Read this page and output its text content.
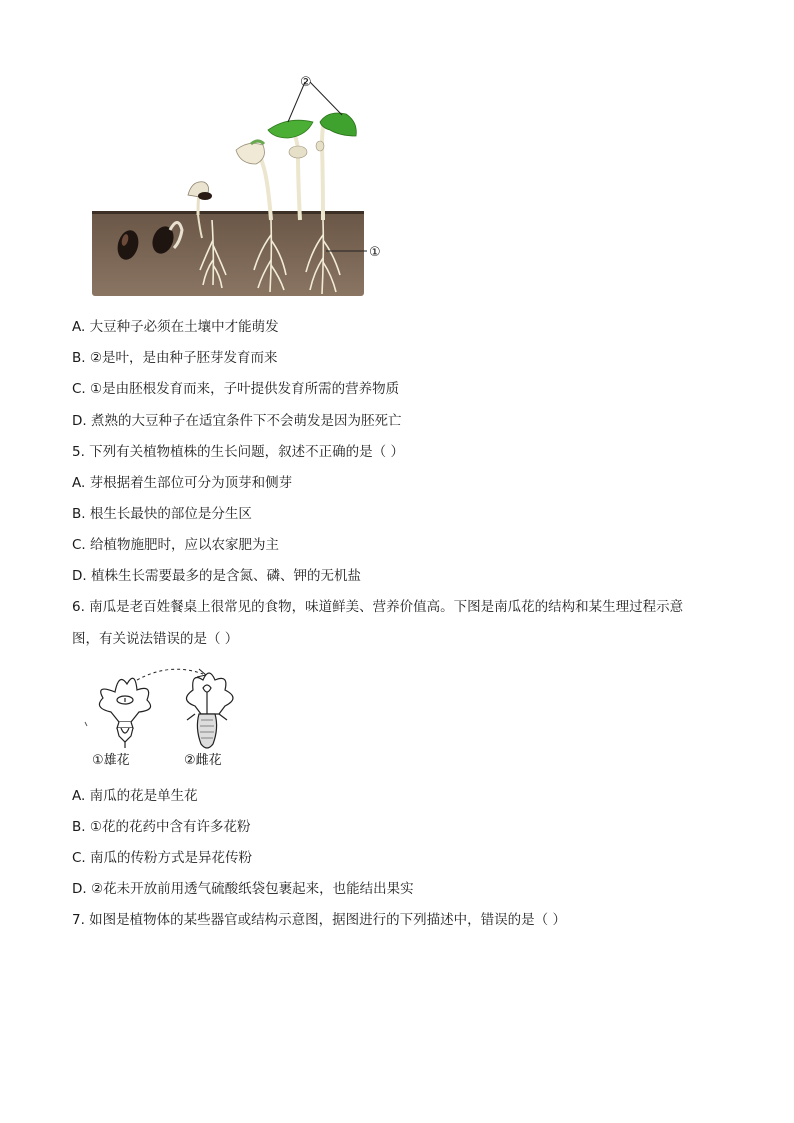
②
①
A. 大豆种子必须在土壤中才能萌发
B. ②是叶，是由种子胚芽发育而来
C. ①是由胚根发育而来，子叶提供发育所需的营养物质
D. 煮熟的大豆种子在适宜条件下不会萌发是因为胚死亡
5. 下列有关植物植株的生长问题，叙述不正确的是（ ）
A. 芽根据着生部位可分为顶芽和侧芽
B. 根生长最快的部位是分生区
C. 给植物施肥时，应以农家肥为主
D. 植株生长需要最多的是含氮、磷、钾的无机盐
6. 南瓜是老百姓餐桌上很常见的食物，味道鲜美、营养价值高。下图是南瓜花的结构和某生理过程示意
图，有关说法错误的是（ ）
①雄花	②雌花
A. 南瓜的花是单生花
B. ①花的花药中含有许多花粉
C. 南瓜的传粉方式是异花传粉
D. ②花未开放前用透气硫酸纸袋包裹起来，也能结出果实
7. 如图是植物体的某些器官或结构示意图，据图进行的下列描述中，错误的是（ ）
